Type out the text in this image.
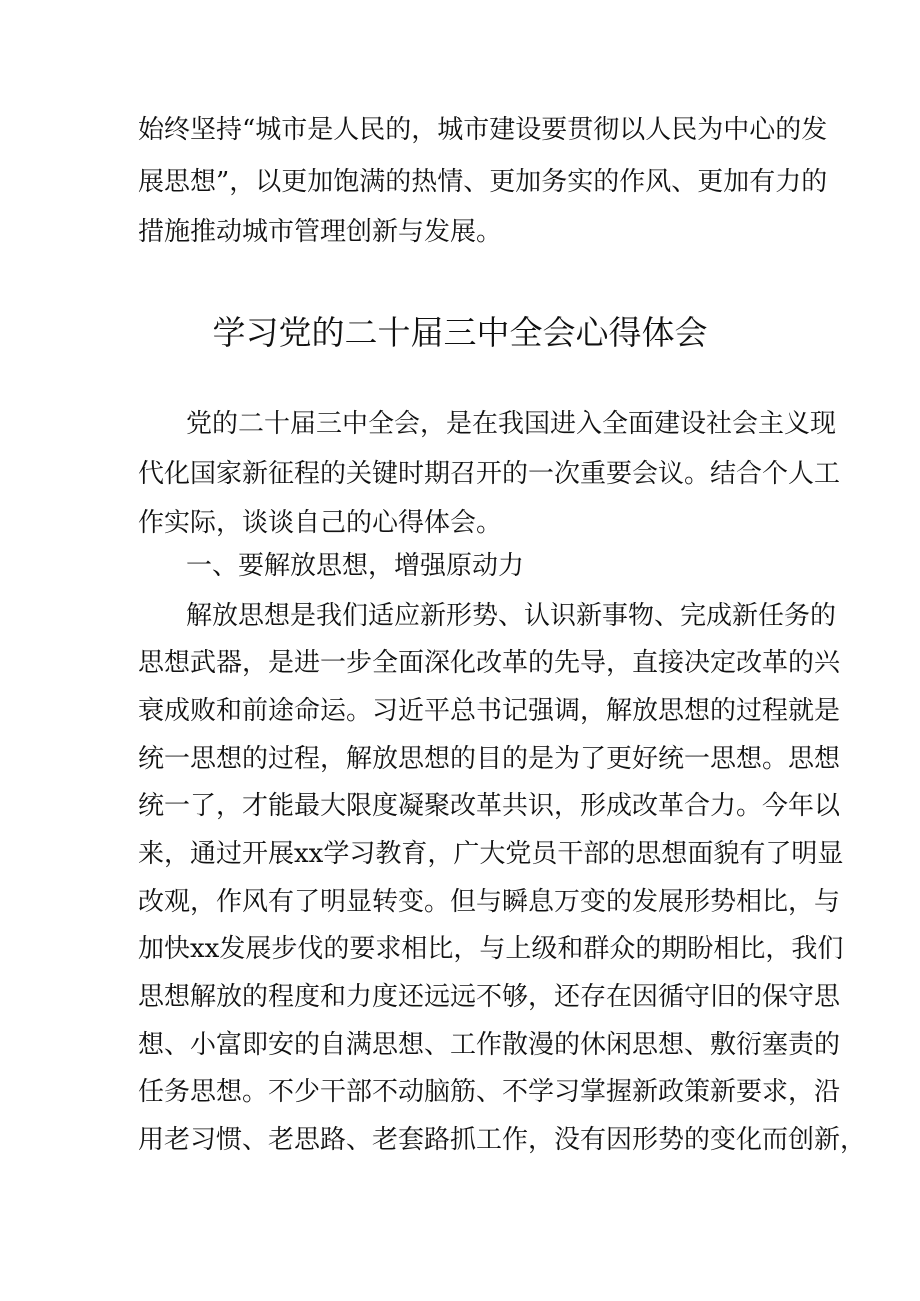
始终坚持“城市是人民的，城市建设要贯彻以人民为中心的发
展思想”，以更加饱满的热情、更加务实的作风、更加有力的
措施推动城市管理创新与发展。
学习党的二十届三中全会心得体会
党的二十届三中全会，是在我国进入全面建设社会主义现
代化国家新征程的关键时期召开的一次重要会议。结合个人工
作实际，谈谈自己的心得体会。
一、要解放思想，增强原动力
解放思想是我们适应新形势、认识新事物、完成新任务的
思想武器，是进一步全面深化改革的先导，直接决定改革的兴
衰成败和前途命运。习近平总书记强调，解放思想的过程就是
统一思想的过程，解放思想的目的是为了更好统一思想。思想
统一了，才能最大限度凝聚改革共识，形成改革合力。今年以
来，通过开展xx学习教育，广大党员干部的思想面貌有了明显
改观，作风有了明显转变。但与瞬息万变的发展形势相比，与
加快xx发展步伐的要求相比，与上级和群众的期盼相比，我们
思想解放的程度和力度还远远不够，还存在因循守旧的保守思
想、小富即安的自满思想、工作散漫的休闲思想、敷衍塞责的
任务思想。不少干部不动脑筋、不学习掌握新政策新要求，沿
用老习惯、老思路、老套路抓工作，没有因形势的变化而创新，
